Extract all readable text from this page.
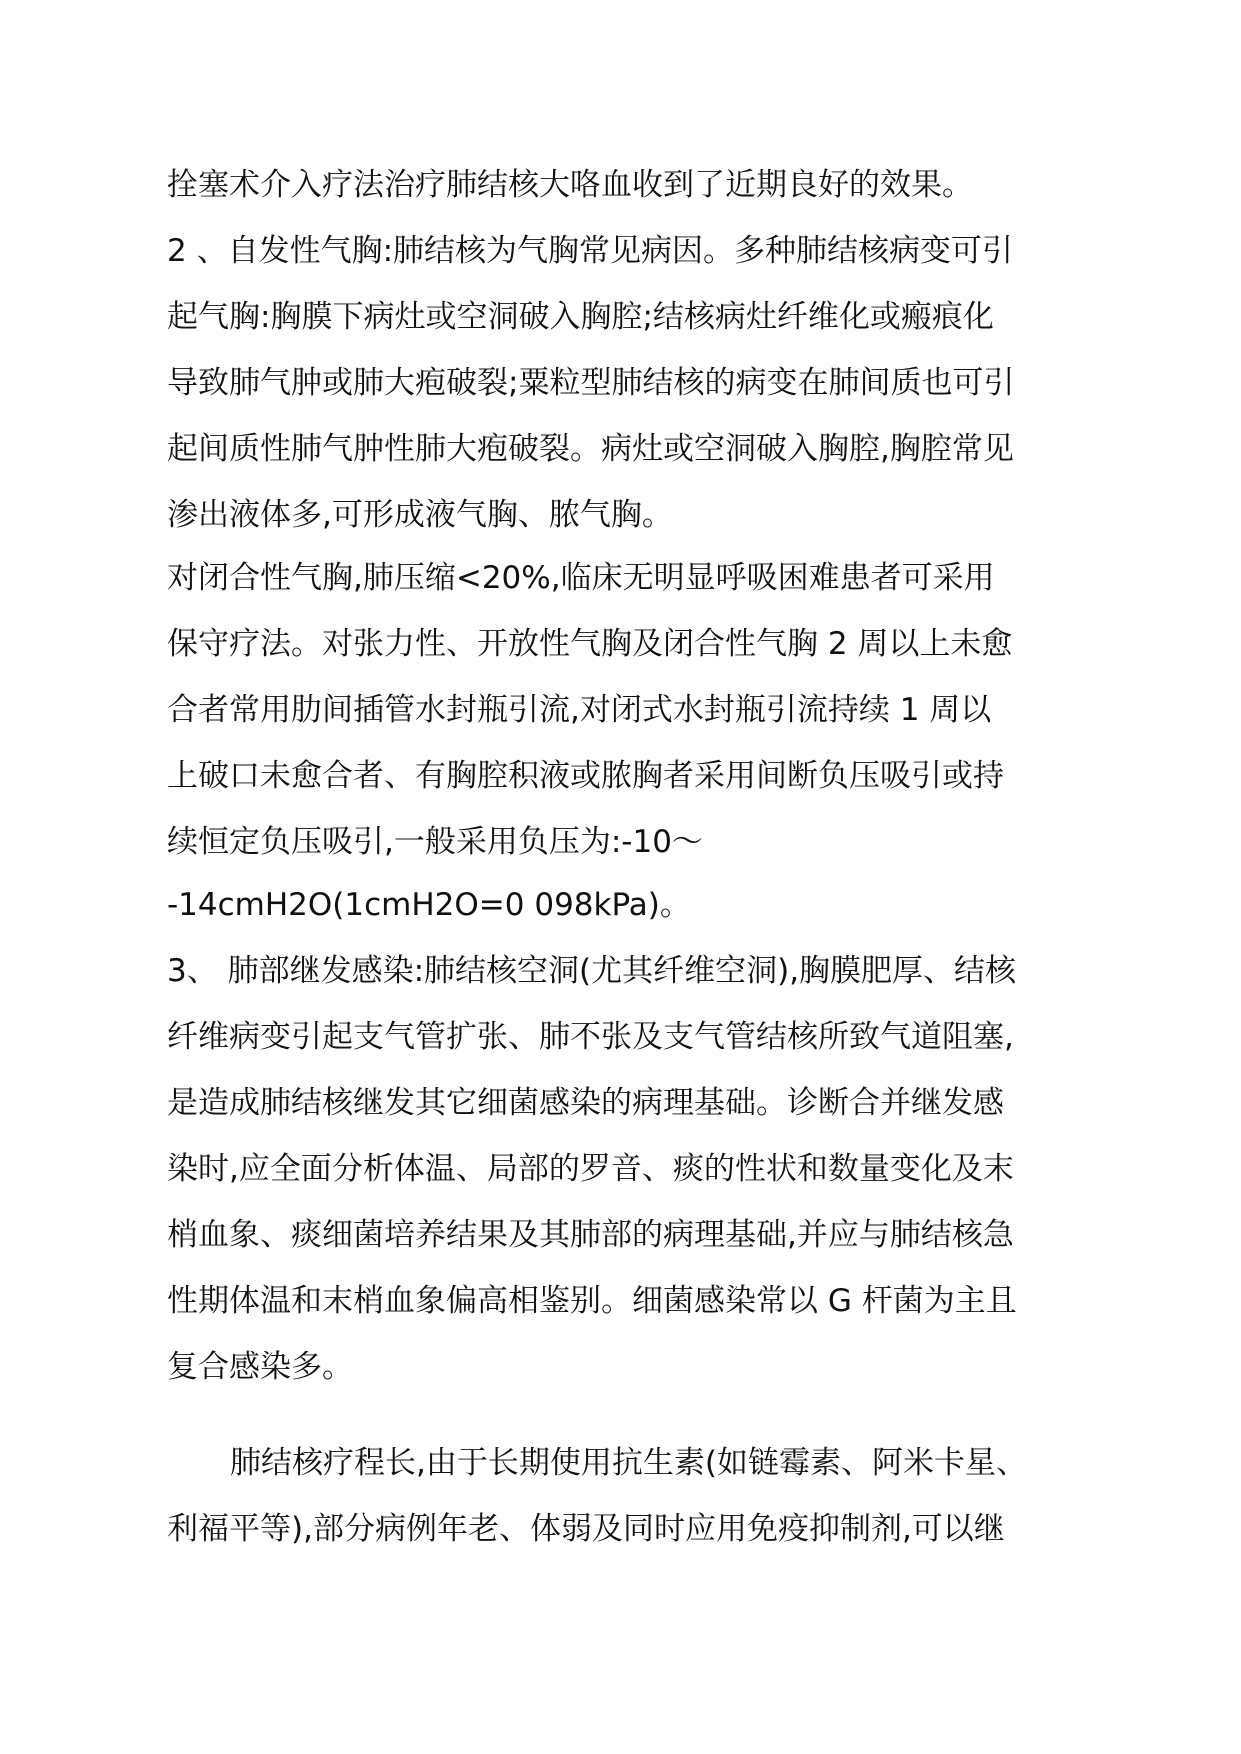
拴塞术介入疗法治疗肺结核大咯血收到了近期良好的效果。

2 、自发性气胸:肺结核为气胸常见病因。多种肺结核病变可引

起气胸:胸膜下病灶或空洞破入胸腔;结核病灶纤维化或瘢痕化

导致肺气肿或肺大疱破裂;粟粒型肺结核的病变在肺间质也可引

起间质性肺气肿性肺大疱破裂。病灶或空洞破入胸腔,胸腔常见

渗出液体多,可形成液气胸、脓气胸。

对闭合性气胸,肺压缩<20%,临床无明显呼吸困难患者可采用

保守疗法。对张力性、开放性气胸及闭合性气胸 2 周以上未愈

合者常用肋间插管水封瓶引流,对闭式水封瓶引流持续 1 周以

上破口未愈合者、有胸腔积液或脓胸者采用间断负压吸引或持

续恒定负压吸引,一般采用负压为:-10～

-14cmH2O(1cmH2O=0 098kPa)。

3、 肺部继发感染:肺结核空洞(尤其纤维空洞),胸膜肥厚、结核

纤维病变引起支气管扩张、肺不张及支气管结核所致气道阻塞,

是造成肺结核继发其它细菌感染的病理基础。诊断合并继发感

染时,应全面分析体温、局部的罗音、痰的性状和数量变化及末

梢血象、痰细菌培养结果及其肺部的病理基础,并应与肺结核急

性期体温和末梢血象偏高相鉴别。细菌感染常以 G 杆菌为主且

复合感染多。

肺结核疗程长,由于长期使用抗生素(如链霉素、阿米卡星、

利福平等),部分病例年老、体弱及同时应用免疫抑制剂,可以继
